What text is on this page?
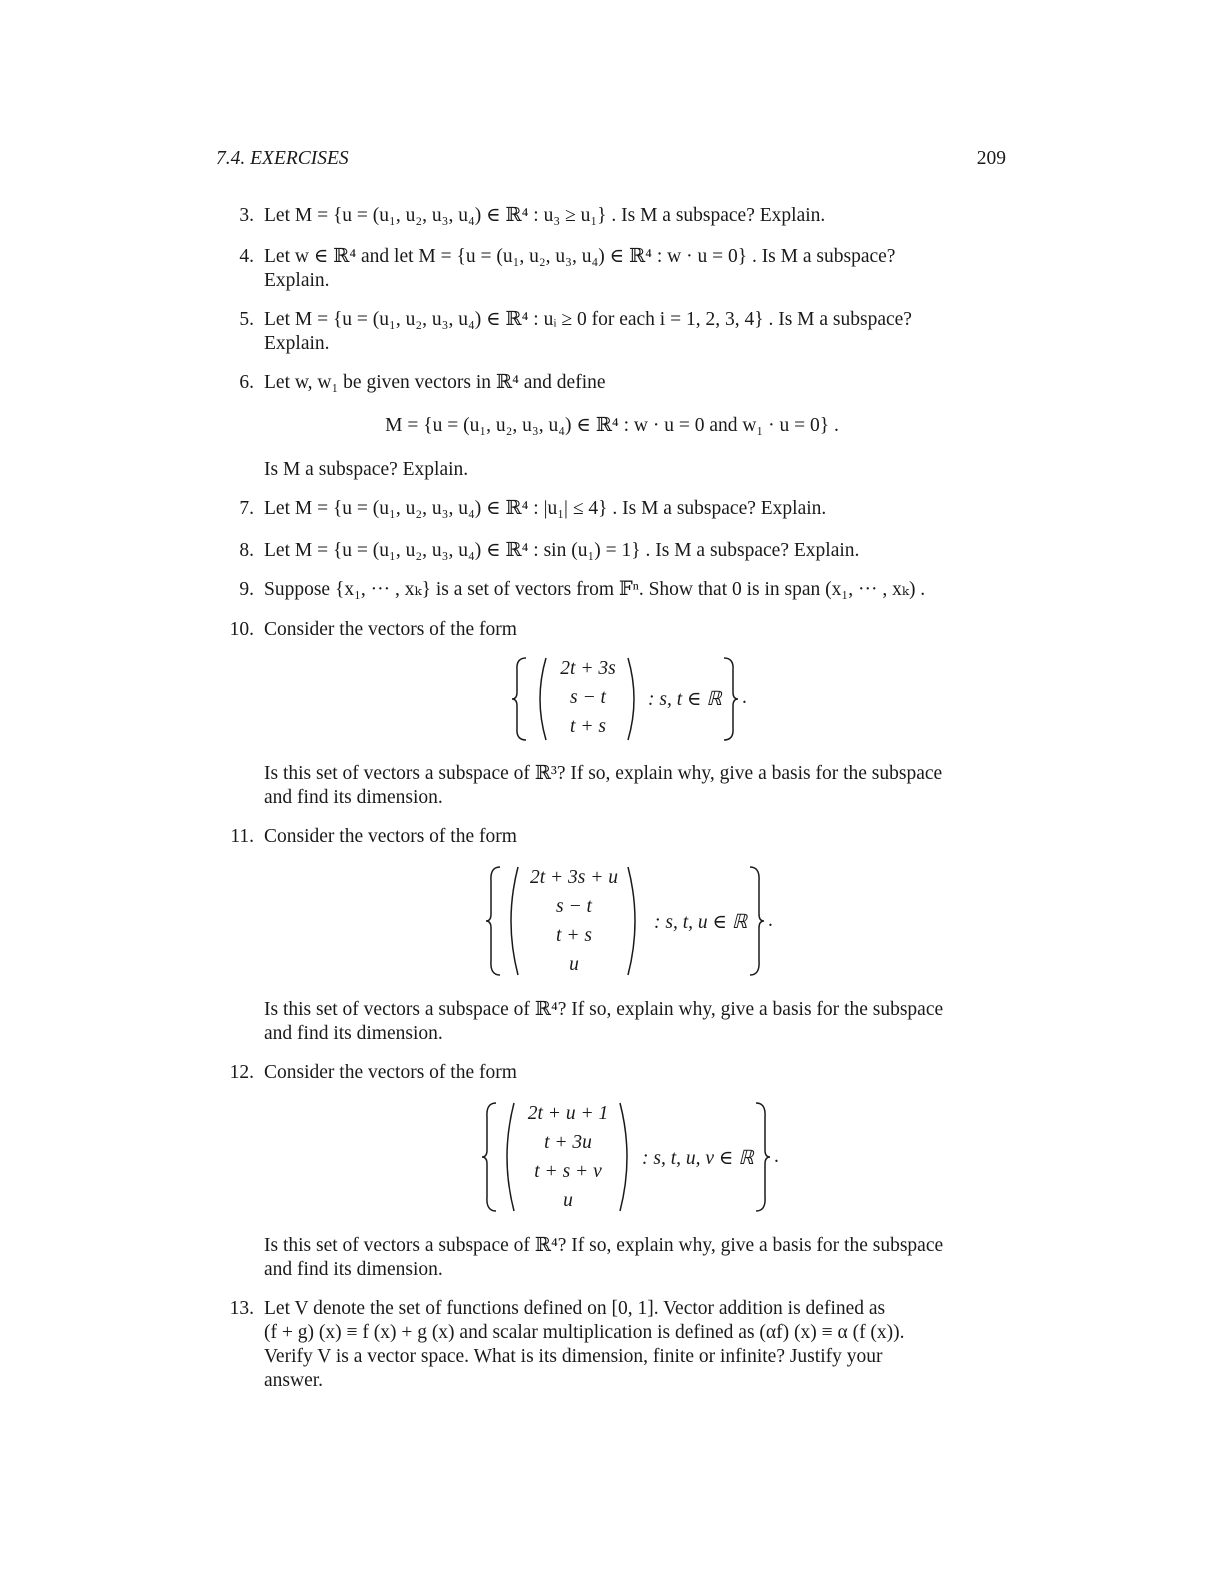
7.4. EXERCISES	209
3. Let M = {u = (u₁, u₂, u₃, u₄) ∈ ℝ⁴ : u₃ ≥ u₁} . Is M a subspace? Explain.
4. Let w ∈ ℝ⁴ and let M = {u = (u₁, u₂, u₃, u₄) ∈ ℝ⁴ : w · u = 0} . Is M a subspace?
Explain.
5. Let M = {u = (u₁, u₂, u₃, u₄) ∈ ℝ⁴ : uᵢ ≥ 0 for each i = 1, 2, 3, 4} . Is M a subspace?
Explain.
6. Let w, w₁ be given vectors in ℝ⁴ and define
M = {u = (u₁, u₂, u₃, u₄) ∈ ℝ⁴ : w · u = 0 and w₁ · u = 0} .
Is M a subspace? Explain.
7. Let M = {u = (u₁, u₂, u₃, u₄) ∈ ℝ⁴ : |u₁| ≤ 4} . Is M a subspace? Explain.
8. Let M = {u = (u₁, u₂, u₃, u₄) ∈ ℝ⁴ : sin (u₁) = 1} . Is M a subspace? Explain.
9. Suppose {x₁, ··· , xₖ} is a set of vectors from 𝔽ⁿ. Show that 0 is in span (x₁, ··· , xₖ) .
10. Consider the vectors of the form
2t + 3s
s − t
t + s
: s, t ∈ ℝ .
Is this set of vectors a subspace of ℝ³? If so, explain why, give a basis for the subspace
and find its dimension.
11. Consider the vectors of the form
2t + 3s + u
s − t
t + s
u
: s, t, u ∈ ℝ .
Is this set of vectors a subspace of ℝ⁴? If so, explain why, give a basis for the subspace
and find its dimension.
12. Consider the vectors of the form
2t + u + 1
t + 3u
t + s + v
u
: s, t, u, v ∈ ℝ .
Is this set of vectors a subspace of ℝ⁴? If so, explain why, give a basis for the subspace
and find its dimension.
13. Let V denote the set of functions defined on [0, 1]. Vector addition is defined as
(f + g) (x) ≡ f (x) + g (x) and scalar multiplication is defined as (αf) (x) ≡ α (f (x)).
Verify V is a vector space. What is its dimension, finite or infinite? Justify your
answer.
